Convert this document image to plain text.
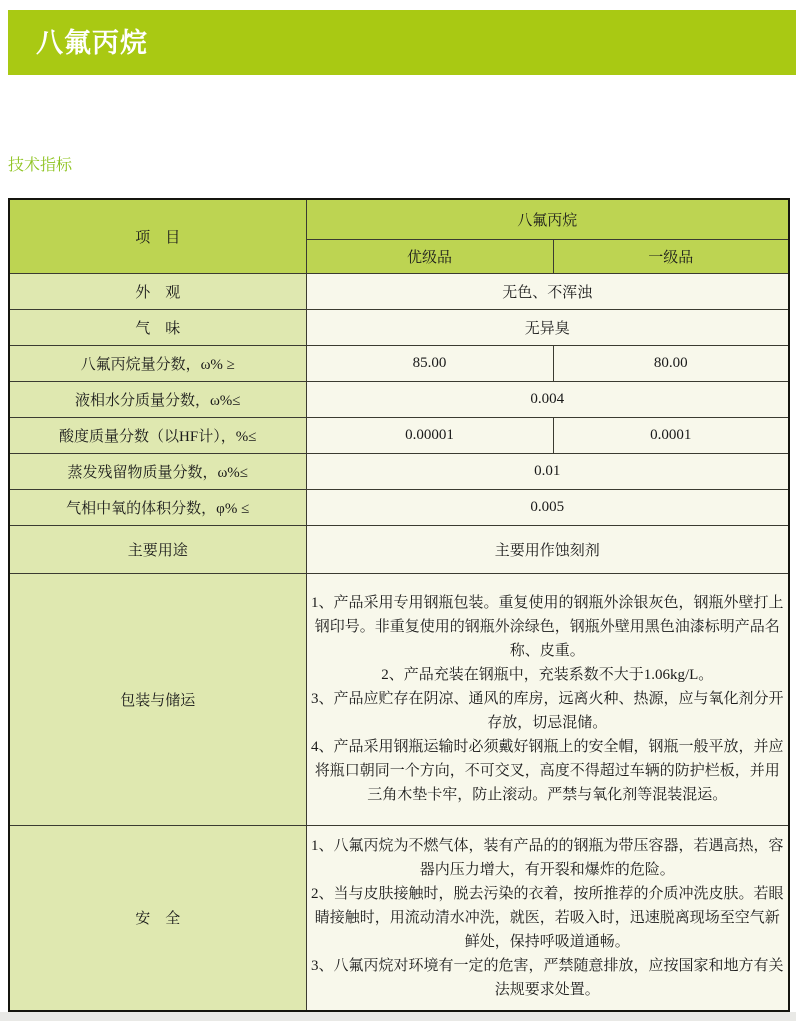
八氟丙烷
技术指标
项　目	八氟丙烷	
	优级品	一级品
外　观	无色、不浑浊	
气　味	无异臭	
八氟丙烷量分数，ω% ≥	85.00	80.00
液相水分质量分数，ω%≤	0.004	
酸度质量分数（以HF计），%≤	0.00001	0.0001
蒸发残留物质量分数，ω%≤	0.01	
气相中氧的体积分数，φ% ≤	0.005	
主要用途	主要用作蚀刻剂	
包装与储运	1、产品采用专用钢瓶包装。重复使用的钢瓶外涂银灰色，钢瓶外壁打上钢印号。非重复使用的钢瓶外涂绿色，钢瓶外壁用黑色油漆标明产品名称、皮重。

2、产品充装在钢瓶中，充装系数不大于1.06kg/L。

3、产品应贮存在阴凉、通风的库房，远离火种、热源，应与氧化剂分开存放，切忌混储。

4、产品采用钢瓶运输时必须戴好钢瓶上的安全帽，钢瓶一般平放，并应将瓶口朝同一个方向，不可交叉，高度不得超过车辆的防护栏板，并用三角木垫卡牢，防止滚动。严禁与氧化剂等混装混运。	

安　全	1、八氟丙烷为不燃气体，装有产品的的钢瓶为带压容器，若遇高热，容器内压力增大，有开裂和爆炸的危险。

2、当与皮肤接触时，脱去污染的衣着，按所推荐的介质冲洗皮肤。若眼睛接触时，用流动清水冲洗，就医，若吸入时，迅速脱离现场至空气新鲜处，保持呼吸道通畅。

3、八氟丙烷对环境有一定的危害，严禁随意排放，应按国家和地方有关法规要求处置。	
